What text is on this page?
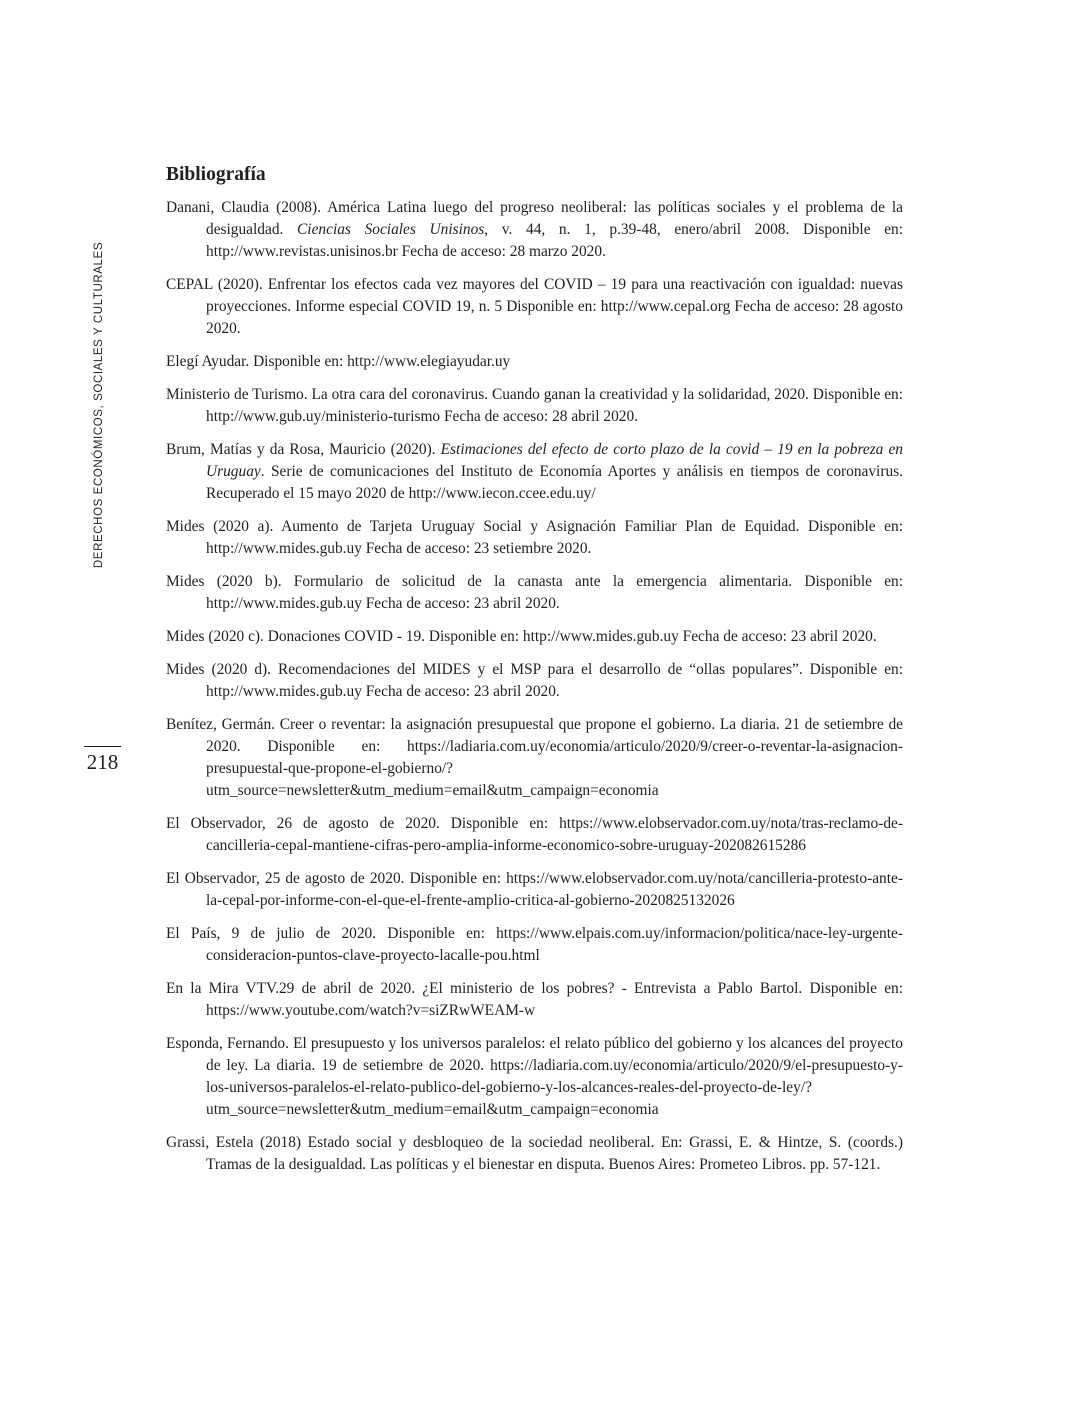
DERECHOS ECONÓMICOS, SOCIALES Y CULTURALES
218
Bibliografía
Danani, Claudia (2008). América Latina luego del progreso neoliberal: las políticas sociales y el problema de la desigualdad. Ciencias Sociales Unisinos, v. 44, n. 1, p.39-48, enero/abril 2008. Disponible en: http://www.revistas.unisinos.br Fecha de acceso: 28 marzo 2020.
CEPAL (2020). Enfrentar los efectos cada vez mayores del COVID – 19 para una reactivación con igualdad: nuevas proyecciones. Informe especial COVID 19, n. 5 Disponible en: http://www.cepal.org Fecha de acceso: 28 agosto 2020.
Elegí Ayudar. Disponible en: http://www.elegiayudar.uy
Ministerio de Turismo. La otra cara del coronavirus. Cuando ganan la creatividad y la solidaridad, 2020. Disponible en: http://www.gub.uy/ministerio-turismo Fecha de acceso: 28 abril 2020.
Brum, Matías y da Rosa, Mauricio (2020). Estimaciones del efecto de corto plazo de la covid – 19 en la pobreza en Uruguay. Serie de comunicaciones del Instituto de Economía Aportes y análisis en tiempos de coronavirus. Recuperado el 15 mayo 2020 de http://www.iecon.ccee.edu.uy/
Mides (2020 a). Aumento de Tarjeta Uruguay Social y Asignación Familiar Plan de Equidad. Disponible en: http://www.mides.gub.uy Fecha de acceso: 23 setiembre 2020.
Mides (2020 b). Formulario de solicitud de la canasta ante la emergencia alimentaria. Disponible en: http://www.mides.gub.uy Fecha de acceso: 23 abril 2020.
Mides (2020 c). Donaciones COVID - 19. Disponible en: http://www.mides.gub.uy Fecha de acceso: 23 abril 2020.
Mides (2020 d). Recomendaciones del MIDES y el MSP para el desarrollo de “ollas populares”. Disponible en: http://www.mides.gub.uy Fecha de acceso: 23 abril 2020.
Benítez, Germán. Creer o reventar: la asignación presupuestal que propone el gobierno. La diaria. 21 de setiembre de 2020. Disponible en: https://ladiaria.com.uy/economia/articulo/2020/9/creer-o-reventar-la-asignacion-presupuestal-que-propone-el-gobierno/?utm_source=newsletter&utm_medium=email&utm_campaign=economia
El Observador, 26 de agosto de 2020. Disponible en: https://www.elobservador.com.uy/nota/tras-reclamo-de-cancilleria-cepal-mantiene-cifras-pero-amplia-informe-economico-sobre-uruguay-202082615286
El Observador, 25 de agosto de 2020. Disponible en: https://www.elobservador.com.uy/nota/cancilleria-protesto-ante-la-cepal-por-informe-con-el-que-el-frente-amplio-critica-al-gobierno-2020825132026
El País, 9 de julio de 2020. Disponible en: https://www.elpais.com.uy/informacion/politica/nace-ley-urgente-consideracion-puntos-clave-proyecto-lacalle-pou.html
En la Mira VTV.29 de abril de 2020. ¿El ministerio de los pobres? - Entrevista a Pablo Bartol. Disponible en: https://www.youtube.com/watch?v=siZRwWEAM-w
Esponda, Fernando. El presupuesto y los universos paralelos: el relato público del gobierno y los alcances del proyecto de ley. La diaria. 19 de setiembre de 2020. https://ladiaria.com.uy/economia/articulo/2020/9/el-presupuesto-y-los-universos-paralelos-el-relato-publico-del-gobierno-y-los-alcances-reales-del-proyecto-de-ley/?utm_source=newsletter&utm_medium=email&utm_campaign=economia
Grassi, Estela (2018) Estado social y desbloqueo de la sociedad neoliberal. En: Grassi, E. & Hintze, S. (coords.) Tramas de la desigualdad. Las políticas y el bienestar en disputa. Buenos Aires: Prometeo Libros. pp. 57-121.
